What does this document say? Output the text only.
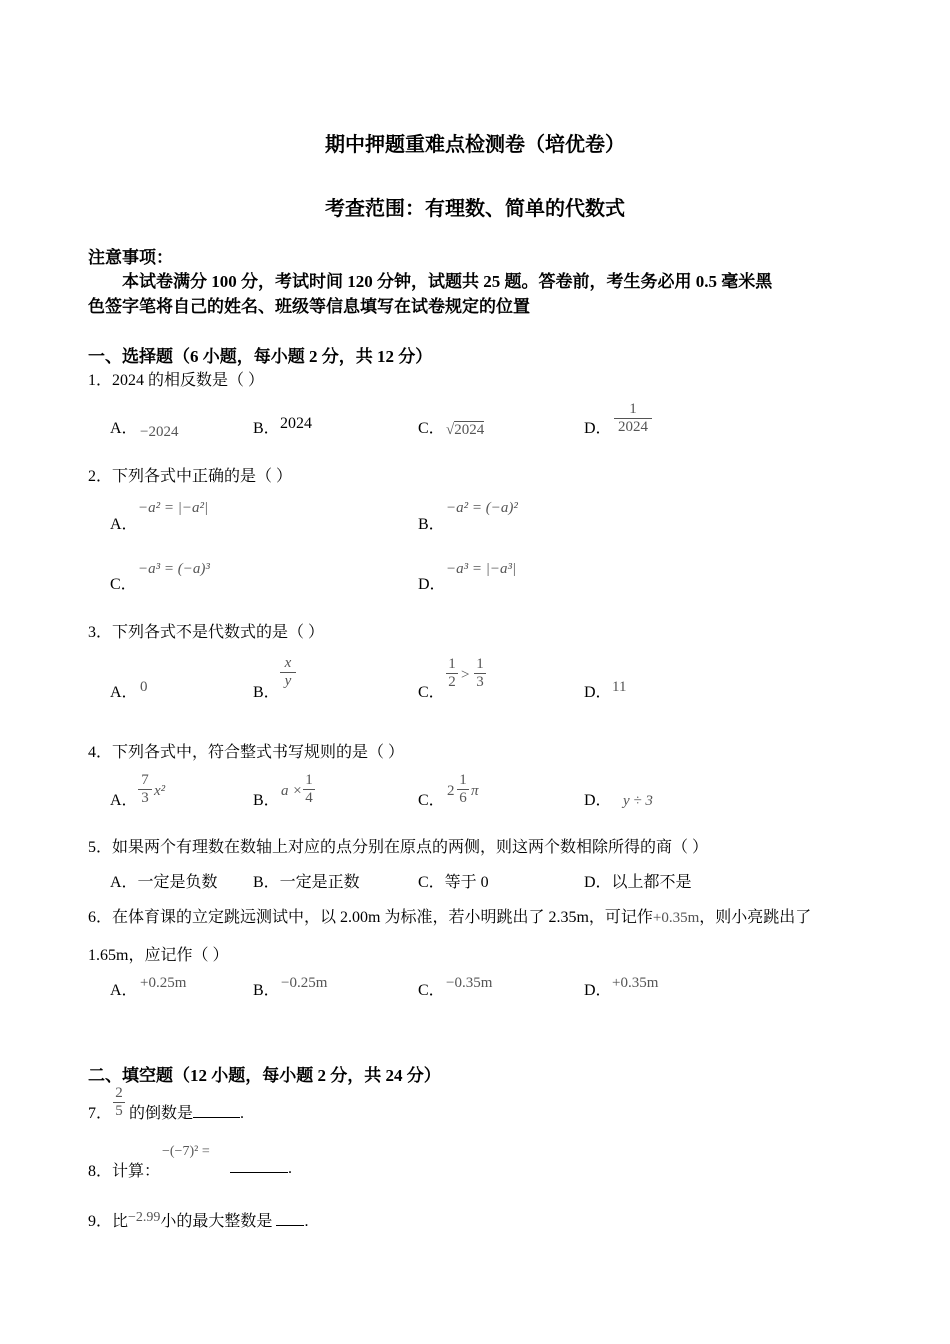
期中押题重难点检测卷（培优卷）
考查范围：有理数、简单的代数式
注意事项：
本试卷满分 100 分，考试时间 120 分钟，试题共 25 题。答卷前，考生务必用 0.5 毫米黑
色签字笔将自己的姓名、班级等信息填写在试卷规定的位置
一、选择题（6 小题，每小题 2 分，共 12 分）
1．2024 的相反数是（ ）
A． −2024	B． 2024	C． √2024	D． $\frac{1}{2024}$
2．下列各式中正确的是（ ）
A．
−a² = |−a²|
B．
−a² = (−a)²
C．
−a³ = (−a)³
D．
−a³ = |−a³|
3．下列各式不是代数式的是（ ）
A． 0	B．
$\frac{x}{y}$
C．
$\frac{1}{2} > \frac{1}{3}$
D． 11
4．下列各式中，符合整式书写规则的是（ ）
A． $\frac{7}{3} x^2$
B．
$a \times \frac{1}{4}$	C．
$2 \frac{1}{6}$ π
D． y ÷ 3
5．如果两个有理数在数轴上对应的点分别在原点的两侧，则这两个数相除所得的商（ ）
A．一定是负数 B．一定是正数	C．等于 0	D．以上都不是
6．在体育课的立定跳远测试中，以 2.00m 为标准，若小明跳出了 2.35m，可记作+0.35m，则小亮跳出了
1.65m，应记作（ ）
A． +0.25m	B． −0.25m	C． −0.35m	D． +0.35m
二、填空题（12 小题，每小题 2 分，共 24 分）
7． $\frac{2}{5}$ 的倒数是	.
8．计算：
−(−7)² =
.
9．比−2.99小的最大整数是 .
